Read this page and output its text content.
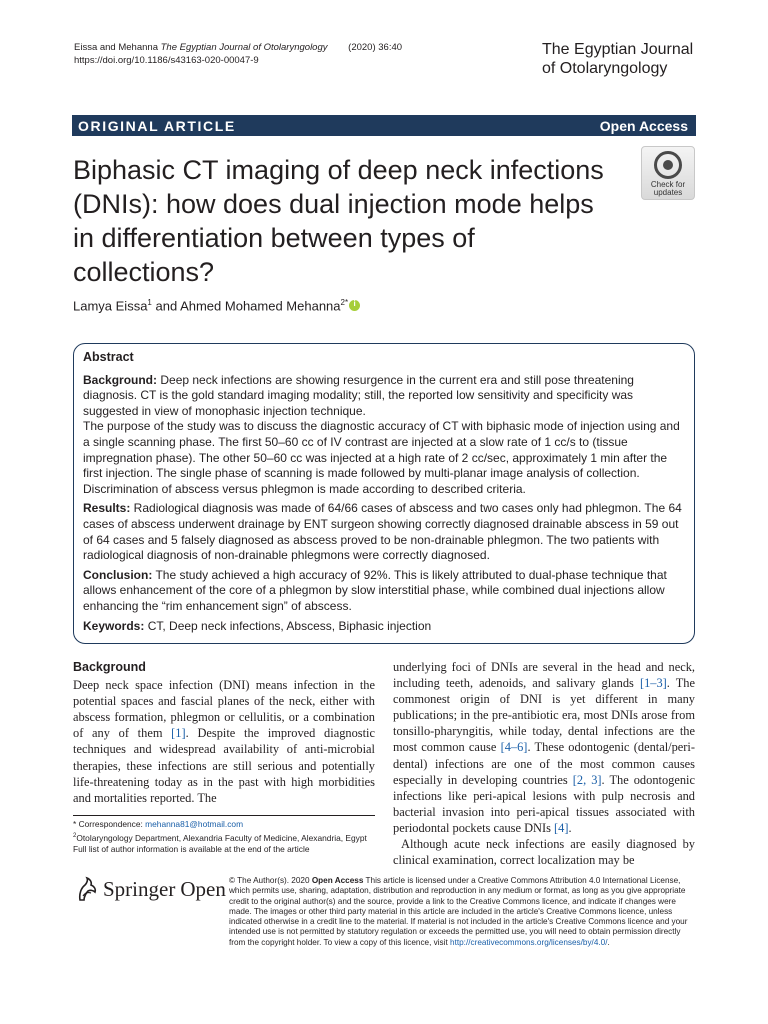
Eissa and Mehanna The Egyptian Journal of Otolaryngology (2020) 36:40
https://doi.org/10.1186/s43163-020-00047-9
The Egyptian Journal
of Otolaryngology
ORIGINAL ARTICLE	Open Access
Biphasic CT imaging of deep neck infections (DNIs): how does dual injection mode helps in differentiation between types of collections?
Check for
updates
Lamya Eissa$^1$ and Ahmed Mohamed Mehanna$^{2*}$i
Abstract

Background: Deep neck infections are showing resurgence in the current era and still pose threatening diagnosis. CT is the gold standard imaging modality; still, the reported low sensitivity and specificity was suggested in view of monophasic injection technique.

The purpose of the study was to discuss the diagnostic accuracy of CT with biphasic mode of injection using and a single scanning phase. The first 50–60 cc of IV contrast are injected at a slow rate of 1 cc/s to (tissue impregnation phase). The other 50–60 cc was injected at a high rate of 2 cc/sec, approximately 1 min after the first injection. The single phase of scanning is made followed by multi-planar image analysis of collection. Discrimination of abscess versus phlegmon is made according to described criteria.

Results: Radiological diagnosis was made of 64/66 cases of abscess and two cases only had phlegmon. The 64 cases of abscess underwent drainage by ENT surgeon showing correctly diagnosed drainable abscess in 59 out of 64 cases and 5 falsely diagnosed as abscess proved to be non-drainable phlegmon. The two patients with radiological diagnosis of non-drainable phlegmons were correctly diagnosed.

Conclusion: The study achieved a high accuracy of 92%. This is likely attributed to dual-phase technique that allows enhancement of the core of a phlegmon by slow interstitial phase, while combined dual injections allow enhancing the “rim enhancement sign” of abscess.

Keywords: CT, Deep neck infections, Abscess, Biphasic injection

Background

Deep neck space infection (DNI) means infection in the potential spaces and fascial planes of the neck, either with abscess formation, phlegmon or cellulitis, or a combination of any of them [1]. Despite the improved diagnostic techniques and widespread availability of anti-microbial therapies, these infections are still serious and potentially life-threatening today as in the past with high morbidities and mortalities reported. The

underlying foci of DNIs are several in the head and neck, including teeth, adenoids, and salivary glands [1–3]. The commonest origin of DNI is yet different in many publications; in the pre-antibiotic era, most DNIs arose from tonsillo-pharyngitis, while today, dental infections are the most common cause [4–6]. These odontogenic (dental/peri-dental) infections are one of the most common causes especially in developing countries [2, 3]. The odontogenic infections like peri-apical lesions with pulp necrosis and bacterial invasion into peri-apical tissues associated with periodontal pockets cause DNIs [4].

Although acute neck infections are easily diagnosed by clinical examination, correct localization may be

* Correspondence: mehanna81@hotmail.com
$^2$Otolaryngology Department, Alexandria Faculty of Medicine, Alexandria, Egypt
Full list of author information is available at the end of the article
Springer Open © The Author(s). 2020 Open Access This article is licensed under a Creative Commons Attribution 4.0 International License, which permits use, sharing, adaptation, distribution and reproduction in any medium or format, as long as you give appropriate credit to the original author(s) and the source, provide a link to the Creative Commons licence, and indicate if changes were made. The images or other third party material in this article are included in the article's Creative Commons licence, unless indicated otherwise in a credit line to the material. If material is not included in the article's Creative Commons licence and your intended use is not permitted by statutory regulation or exceeds the permitted use, you will need to obtain permission directly from the copyright holder. To view a copy of this licence, visit http://creativecommons.org/licenses/by/4.0/.
